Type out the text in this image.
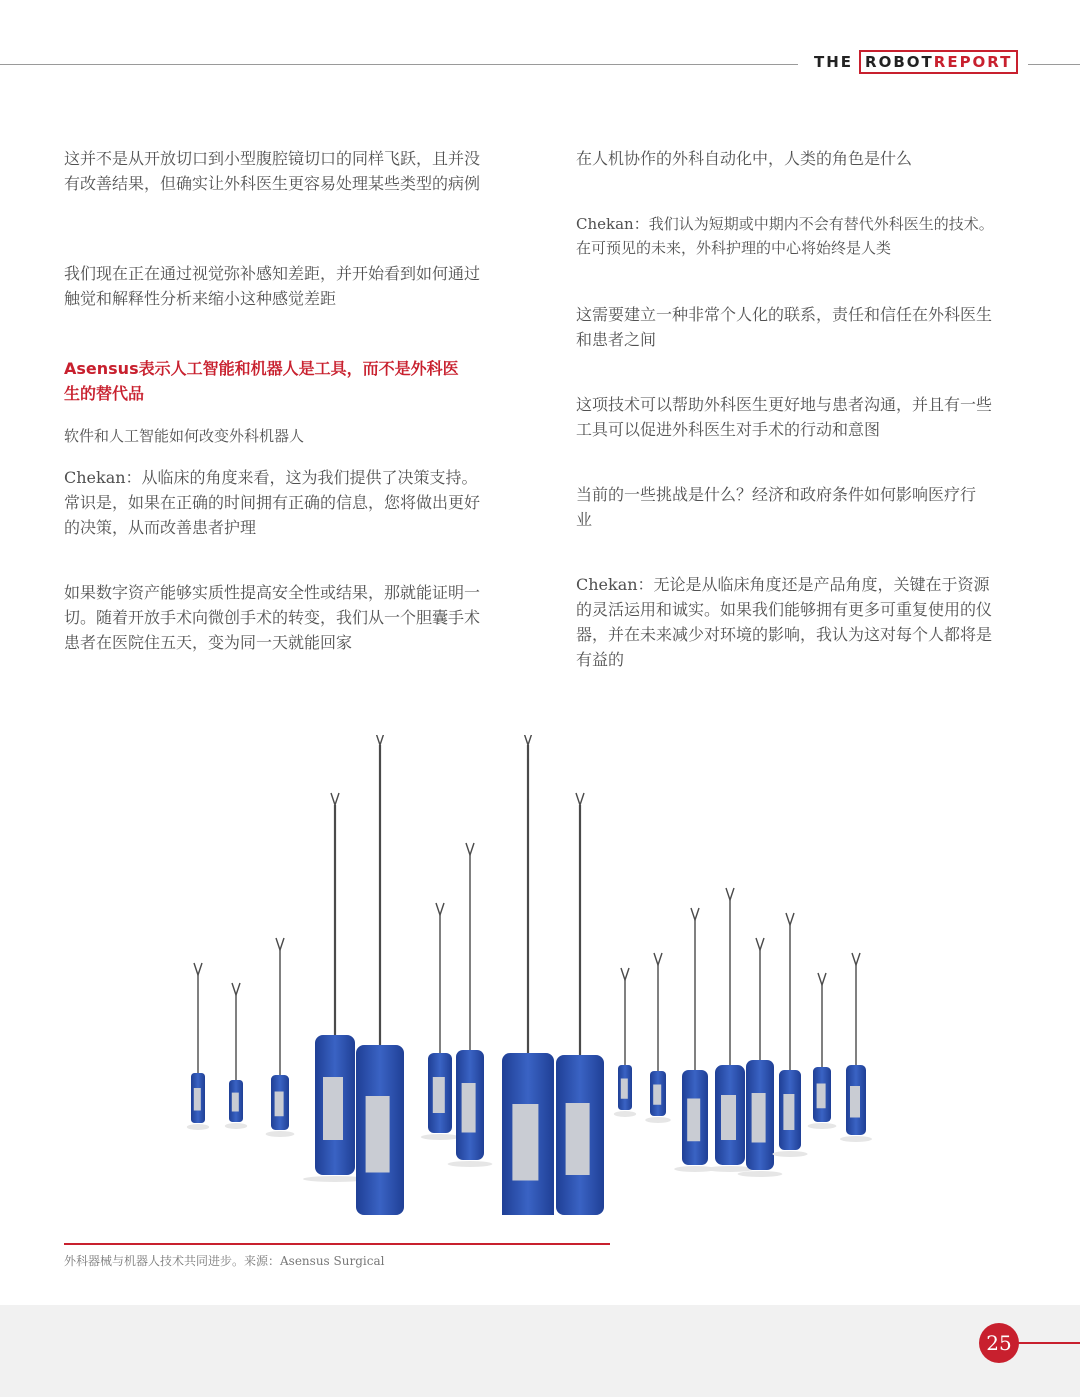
THE ROBOTREPORT

这并不是从开放切口到小型腹腔镜切口的同样飞跃，且并没有改善结果，但确实让外科医生更容易处理某些类型的病例

我们现在正在通过视觉弥补感知差距，并开始看到如何通过触觉和解释性分析来缩小这种感觉差距

Asensus表示人工智能和机器人是工具，而不是外科医生的替代品

软件和人工智能如何改变外科机器人

Chekan：从临床的角度来看，这为我们提供了决策支持。常识是，如果在正确的时间拥有正确的信息，您将做出更好的决策，从而改善患者护理

如果数字资产能够实质性提高安全性或结果，那就能证明一切。随着开放手术向微创手术的转变，我们从一个胆囊手术患者在医院住五天，变为同一天就能回家

在人机协作的外科自动化中，人类的角色是什么

Chekan：我们认为短期或中期内不会有替代外科医生的技术。在可预见的未来，外科护理的中心将始终是人类

这需要建立一种非常个人化的联系，责任和信任在外科医生和患者之间

这项技术可以帮助外科医生更好地与患者沟通，并且有一些工具可以促进外科医生对手术的行动和意图

当前的一些挑战是什么？经济和政府条件如何影响医疗行业

Chekan：无论是从临床角度还是产品角度，关键在于资源的灵活运用和诚实。如果我们能够拥有更多可重复使用的仪器，并在未来减少对环境的影响，我认为这对每个人都将是有益的

外科器械与机器人技术共同进步。来源：Asensus Surgical

25
